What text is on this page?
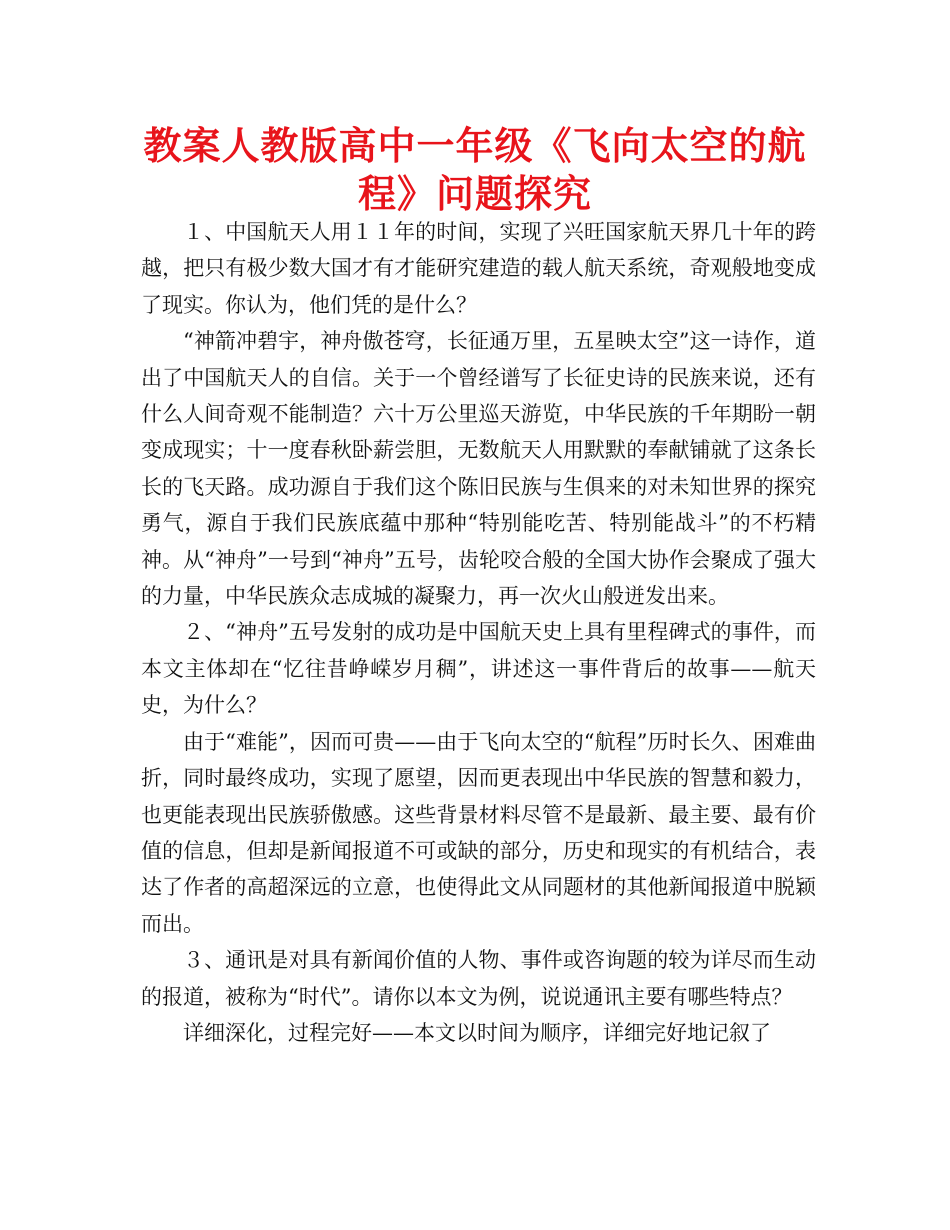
教案人教版高中一年级《飞向太空的航程》问题探究

１、中国航天人用１１年的时间，实现了兴旺国家航天界几十年的跨越，把只有极少数大国才有才能研究建造的载人航天系统，奇观般地变成了现实。你认为，他们凭的是什么？

“神箭冲碧宇，神舟傲苍穹，长征通万里，五星映太空”这一诗作，道出了中国航天人的自信。关于一个曾经谱写了长征史诗的民族来说，还有什么人间奇观不能制造？六十万公里巡天游览，中华民族的千年期盼一朝变成现实；十一度春秋卧薪尝胆，无数航天人用默默的奉献铺就了这条长长的飞天路。成功源自于我们这个陈旧民族与生俱来的对未知世界的探究勇气，源自于我们民族底蕴中那种“特别能吃苦、特别能战斗”的不朽精神。从“神舟”一号到“神舟”五号，齿轮咬合般的全国大协作会聚成了强大的力量，中华民族众志成城的凝聚力，再一次火山般迸发出来。

２、“神舟”五号发射的成功是中国航天史上具有里程碑式的事件，而本文主体却在“忆往昔峥嵘岁月稠”，讲述这一事件背后的故事——航天史，为什么？

由于“难能”，因而可贵——由于飞向太空的“航程”历时长久、困难曲折，同时最终成功，实现了愿望，因而更表现出中华民族的智慧和毅力，也更能表现出民族骄傲感。这些背景材料尽管不是最新、最主要、最有价值的信息，但却是新闻报道不可或缺的部分，历史和现实的有机结合，表达了作者的高超深远的立意，也使得此文从同题材的其他新闻报道中脱颖而出。

３、通讯是对具有新闻价值的人物、事件或咨询题的较为详尽而生动的报道，被称为“时代”。请你以本文为例，说说通讯主要有哪些特点？

详细深化，过程完好——本文以时间为顺序，详细完好地记叙了
